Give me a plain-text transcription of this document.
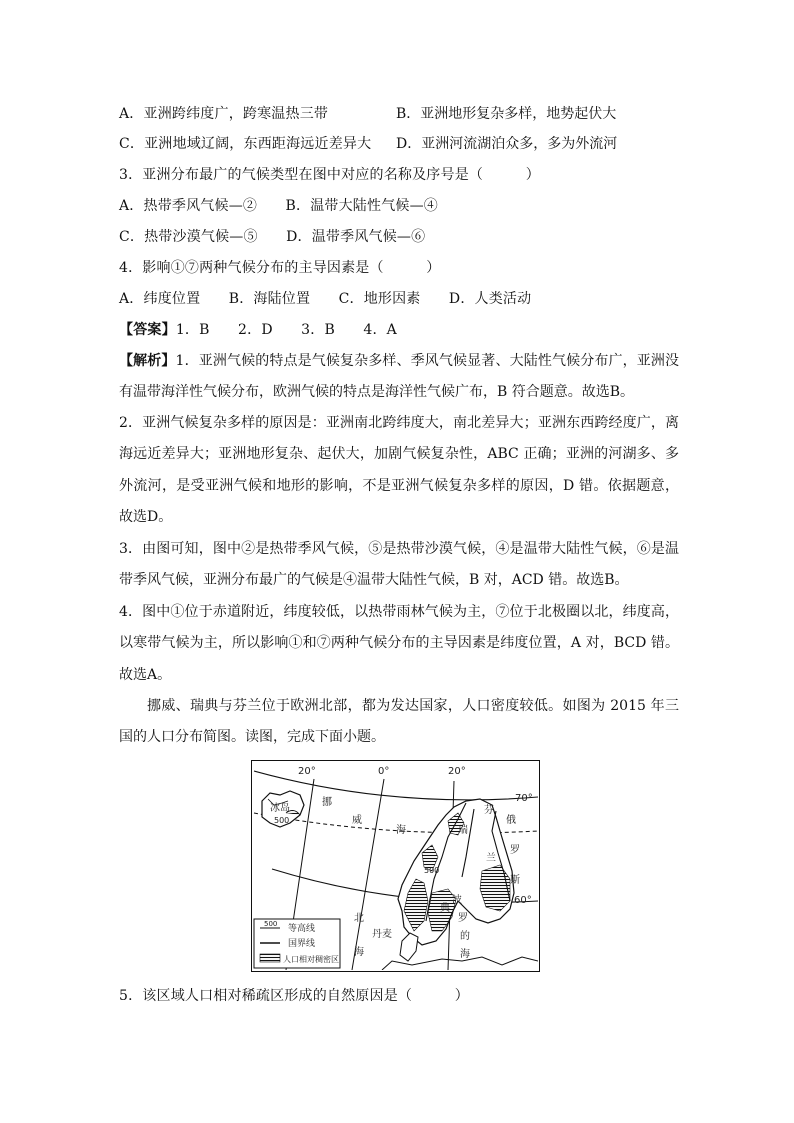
A．亚洲跨纬度广，跨寒温热三带	B．亚洲地形复杂多样，地势起伏大
C．亚洲地域辽阔，东西距海远近差异大 D．亚洲河流湖泊众多，多为外流河
3．亚洲分布最广的气候类型在图中对应的名称及序号是（　　　）
A．热带季风气候—②　　B．温带大陆性气候—④
C．热带沙漠气候—⑤　　D．温带季风气候—⑥
4．影响①⑦两种气候分布的主导因素是（　　　）
A．纬度位置　　B．海陆位置　　C．地形因素　　D．人类活动
【答案】1．B　　2．D　　3．B　　4．A
【解析】1．亚洲气候的特点是气候复杂多样、季风气候显著、大陆性气候分布广，亚洲没有温带海洋性气候分布，欧洲气候的特点是海洋性气候广布，B 符合题意。故选B。
2．亚洲气候复杂多样的原因是：亚洲南北跨纬度大，南北差异大；亚洲东西跨经度广，离海远近差异大；亚洲地形复杂、起伏大，加剧气候复杂性，ABC 正确；亚洲的河湖多、多外流河，是受亚洲气候和地形的影响，不是亚洲气候复杂多样的原因，D 错。依据题意，故选D。
3．由图可知，图中②是热带季风气候，⑤是热带沙漠气候，④是温带大陆性气候，⑥是温带季风气候，亚洲分布最广的气候是④温带大陆性气候，B 对，ACD 错。故选B。
4．图中①位于赤道附近，纬度较低，以热带雨林气候为主，⑦位于北极圈以北，纬度高，以寒带气候为主，所以影响①和⑦两种气候分布的主导因素是纬度位置，A 对，BCD 错。故选A。
挪威、瑞典与芬兰位于欧洲北部，都为发达国家，人口密度较低。如图为 2015 年三国的人口分布简图。读图，完成下面小题。
20°	0°	20°
70°
60°
冰岛
500
挪
威
海
芬
兰
俄
罗
斯
瑞
典
500
北
海
波
罗
的
海
丹麦
500 等高线
国界线
人口相对稠密区
5．该区域人口相对稀疏区形成的自然原因是（　　　）
